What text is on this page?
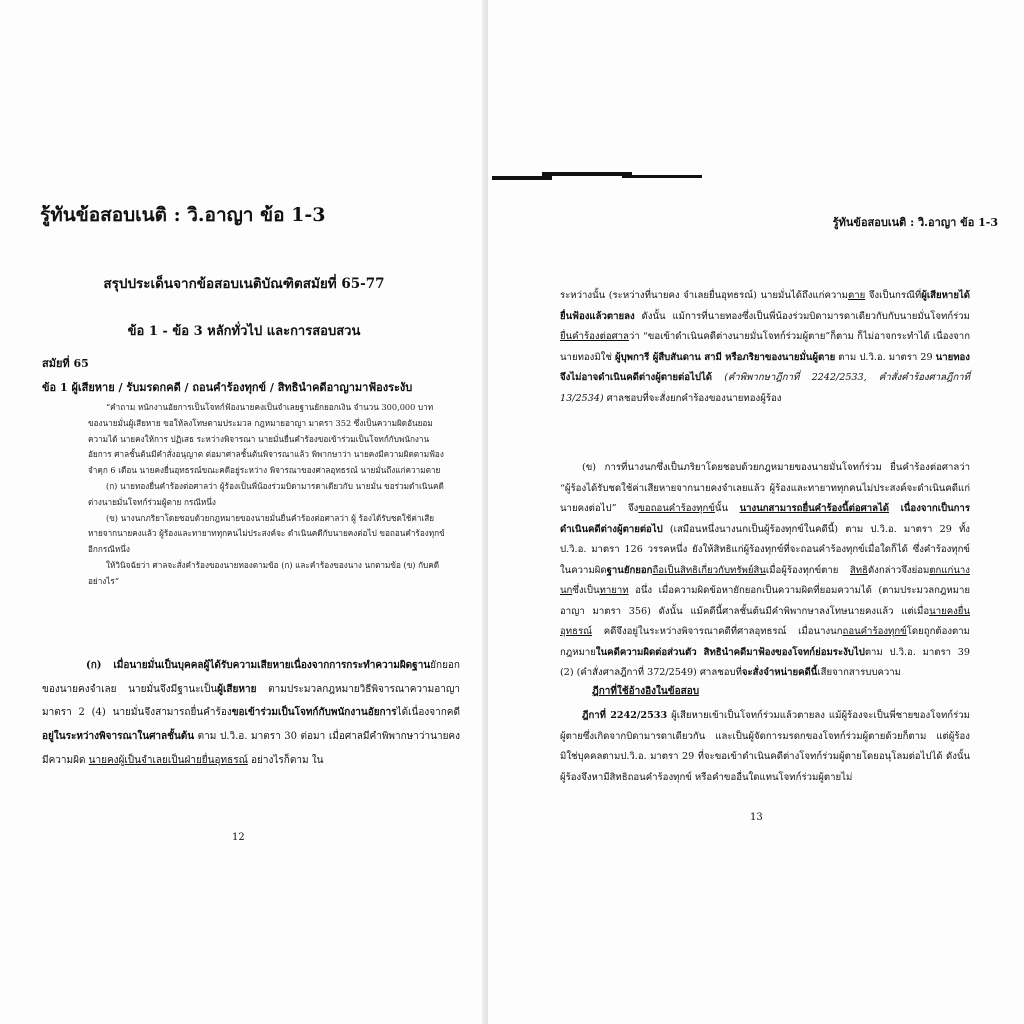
รู้ทันข้อสอบเนติ : วิ.อาญา ข้อ 1-3
สรุปประเด็นจากข้อสอบเนติบัณฑิตสมัยที่ 65-77
ข้อ 1 - ข้อ 3 หลักทั่วไป และการสอบสวน
สมัยที่ 65
ข้อ 1 ผู้เสียหาย / รับมรดกคดี / ถอนคำร้องทุกข์ / สิทธินำคดีอาญามาฟ้องระงับ

“คำถาม หนักงานอัยการเป็นโจทก์ฟ้องนายคงเป็นจำเลยฐานยักยอกเงิน จำนวน 300,000 บาท ของนายมั่นผู้เสียหาย ขอให้ลงโทษตามประมวล กฎหมายอาญา มาตรา 352 ซึ่งเป็นความผิดอันยอมความได้ นายคงให้การ ปฏิเสธ ระหว่างพิจารณา นายมั่นยื่นคำร้องขอเข้าร่วมเป็นโจทก์กับพนักงาน อัยการ ศาลชั้นต้นมีคำสั่งอนุญาต ต่อมาศาลชั้นต้นพิจารณาแล้ว พิพากษาว่า นายคงมีความผิดตามฟ้อง จำคุก 6 เดือน นายคงยื่นอุทธรณ์ขณะคดีอยู่ระหว่าง พิจารณาของศาลอุทธรณ์ นายมั่นถึงแก่ความตาย

(ก) นายทองยื่นคำร้องต่อศาลว่า ผู้ร้องเป็นพี่น้องร่วมบิดามารดาเดียวกับ นายมั่น ขอร่วมดำเนินคดีต่างนายมั่นโจทก์ร่วมผู้ตาย กรณีหนึ่ง

(ข) นางนกภริยาโดยชอบด้วยกฎหมายของนายมั่นยื่นคำร้องต่อศาลว่า ผู้ ร้องได้รับชดใช้ค่าเสียหายจากนายคงแล้ว ผู้ร้องและทายาททุกคนไม่ประสงค์จะ ดำเนินคดีกับนายคงต่อไป ขอถอนคำร้องทุกข์ อีกกรณีหนึ่ง

ให้วินิจฉัยว่า ศาลจะสั่งคำร้องของนายทองตามข้อ (ก) และคำร้องของนาง นกตามข้อ (ข) กับคดีอย่างไร”

(ก) เมื่อนายมั่นเป็นบุคคลผู้ได้รับความเสียหายเนื่องจากการกระทำความผิดฐานยักยอกของนายคงจำเลย นายมั่นจึงมีฐานะเป็นผู้เสียหาย ตามประมวลกฎหมายวิธีพิจารณาความอาญามาตรา 2 (4) นายมั่นจึงสามารถยื่นคำร้องขอเข้าร่วมเป็นโจทก์กับพนักงานอัยการได้เนื่องจากคดีอยู่ในระหว่างพิจารณาในศาลชั้นต้น ตาม ป.วิ.อ. มาตรา 30 ต่อมา เมื่อศาลมีคำพิพากษาว่านายคงมีความผิด นายคงผู้เป็นจำเลยเป็นฝ่ายยื่นอุทธรณ์ อย่างไรก็ตาม ใน

12
รู้ทันข้อสอบเนติ : วิ.อาญา ข้อ 1-3

ระหว่างนั้น (ระหว่างที่นายคง จำเลยยื่นอุทธรณ์) นายมั่นได้ถึงแก่ความตาย จึงเป็นกรณีที่ผู้เสียหายได้ยื่นฟ้องแล้วตายลง ดังนั้น แม้การที่นายทองซึ่งเป็นพี่น้องร่วมบิดามารดาเดียวกับกับนายมั่นโจทก์ร่วมยื่นคำร้องต่อศาลว่า “ขอเข้าดำเนินคดีต่างนายมั่นโจทก์ร่วมผู้ตาย”ก็ตาม ก็ไม่อาจกระทำได้ เนื่องจากนายทองมิใช่ ผู้บุพการี ผู้สืบสันดาน สามี หรือภริยาของนายมั่นผู้ตาย ตาม ป.วิ.อ. มาตรา 29 นายทองจึงไม่อาจดำเนินคดีต่างผู้ตายต่อไปได้ (คำพิพากษาฎีกาที่ 2242/2533, คำสั่งคำร้องศาลฎีกาที่ 13/2534) ศาลชอบที่จะสั่งยกคำร้องของนายทองผู้ร้อง

(ข) การที่นางนกซึ่งเป็นภริยาโดยชอบด้วยกฎหมายของนายมั่นโจทก์ร่วม ยื่นคำร้องต่อศาลว่า “ผู้ร้องได้รับชดใช้ค่าเสียหายจากนายคงจำเลยแล้ว ผู้ร้องและทายาททุกคนไม่ประสงค์จะดำเนินคดีแก่นายคงต่อไป” จึงขอถอนคำร้องทุกข์นั้น นางนกสามารถยื่นคำร้องนี้ต่อศาลได้ เนื่องจากเป็นการดำเนินคดีต่างผู้ตายต่อไป (เสมือนหนึ่งนางนกเป็นผู้ร้องทุกข์ในคดีนี้) ตาม ป.วิ.อ. มาตรา 29 ทั้ง ป.วิ.อ. มาตรา 126 วรรคหนึ่ง ยังให้สิทธิแก่ผู้ร้องทุกข์ที่จะถอนคำร้องทุกข์เมื่อใดก็ได้ ซึ่งคำร้องทุกข์ในความผิดฐานยักยอกถือเป็นสิทธิเกี่ยวกับทรัพย์สินเมื่อผู้ร้องทุกข์ตาย สิทธิดังกล่าวจึงย่อมตกแก่นางนกซึ่งเป็นทายาท อนึ่ง เมื่อความผิดข้อหายักยอกเป็นความผิดที่ยอมความได้ (ตามประมวลกฎหมายอาญา มาตรา 356) ดังนั้น แม้คดีนี้ศาลชั้นต้นมีคำพิพากษาลงโทษนายคงแล้ว แต่เมื่อนายคงยื่นอุทธรณ์ คดีจึงอยู่ในระหว่างพิจารณาคดีที่ศาลอุทธรณ์ เมื่อนางนกถอนคำร้องทุกข์โดยถูกต้องตามกฎหมายในคดีความผิดต่อส่วนตัว สิทธินำคดีมาฟ้องของโจทก์ย่อมระงับไปตาม ป.วิ.อ. มาตรา 39 (2) (คำสั่งศาลฎีกาที่ 372/2549) ศาลชอบที่จะสั่งจำหน่ายคดีนี้เสียจากสารบบความ

ฎีกาที่ใช้อ้างอิงในข้อสอบ

ฎีกาที่ 2242/2533 ผู้เสียหายเข้าเป็นโจทก์ร่วมแล้วตายลง แม้ผู้ร้องจะเป็นพี่ชายของโจทก์ร่วมผู้ตายซึ่งเกิดจากบิดามารดาเดียวกัน และเป็นผู้จัดการมรดกของโจทก์ร่วมผู้ตายด้วยก็ตาม แต่ผู้ร้องมิใช่บุคคลตามป.วิ.อ. มาตรา 29 ที่จะขอเข้าดำเนินคดีต่างโจทก์ร่วมผู้ตายโดยอนุโลมต่อไปได้ ดังนั้นผู้ร้องจึงหามีสิทธิถอนคำร้องทุกข์ หรือคำขออื่นใดแทนโจทก์ร่วมผู้ตายไม่

13
